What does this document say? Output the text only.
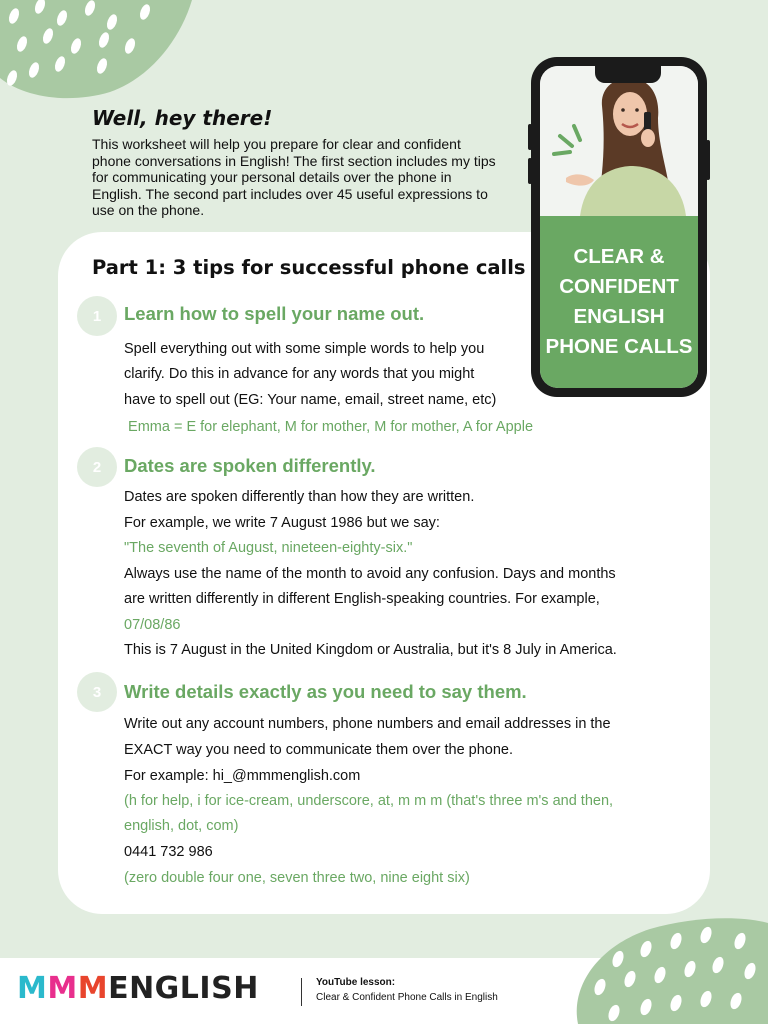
Well, hey there!

This worksheet will help you prepare for clear and confident phone conversations in English! The first section includes my tips for communicating your personal details over the phone in English. The second part includes over 45 useful expressions to use on the phone.

CLEAR & CONFIDENT ENGLISH PHONE CALLS

Part 1: 3 tips for successful phone calls
1	Learn how to spell your name out.

Spell everything out with some simple words to help you

clarify. Do this in advance for any words that you might

have to spell out (EG: Your name, email, street name, etc)

Emma = E for elephant, M for mother, M for mother, A for Apple

2	Dates are spoken differently.

Dates are spoken differently than how they are written.

For example, we write 7 August 1986 but we say:

"The seventh of August, nineteen-eighty-six."

Always use the name of the month to avoid any confusion. Days and months

are written differently in different English-speaking countries. For example,

07/08/86

This is 7 August in the United Kingdom or Australia, but it's 8 July in America.

3	Write details exactly as you need to say them.

Write out any account numbers, phone numbers and email addresses in the

EXACT way you need to communicate them over the phone.

For example: hi_@mmmenglish.com

(h for help, i for ice-cream, underscore, at, m m m (that's three m's and then,

english, dot, com)

0441 732 986

(zero double four one, seven three two, nine eight six)

MMMENGLISH	YouTube lesson:

Clear & Confident Phone Calls in English
